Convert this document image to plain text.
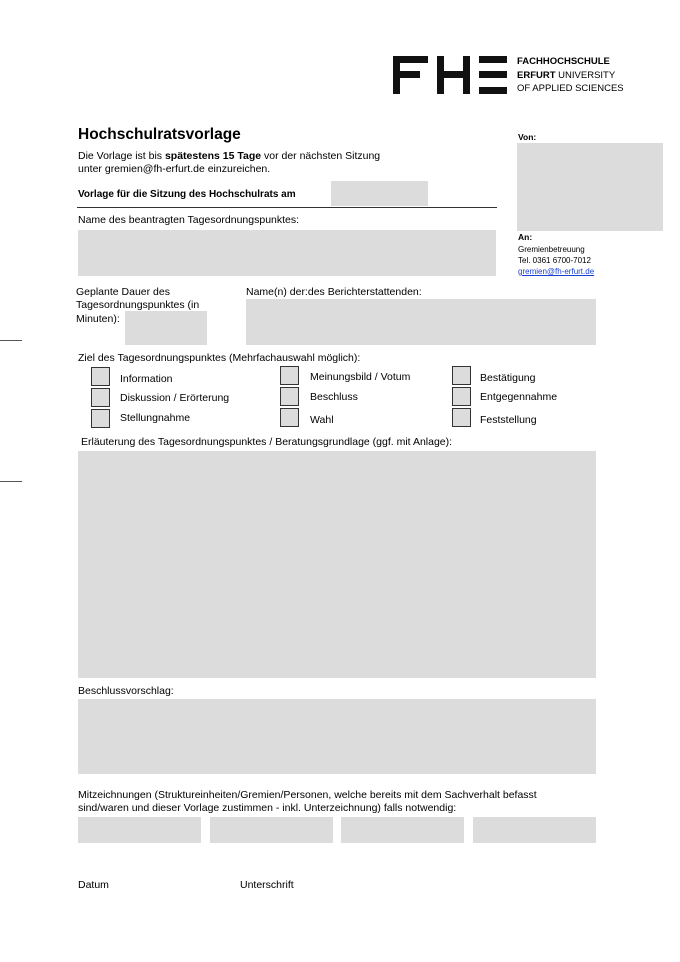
FACHHOCHSCHULE
ERFURT UNIVERSITY
OF APPLIED SCIENCES
Hochschulratsvorlage
Die Vorlage ist bis spätestens 15 Tage vor der nächsten Sitzung
unter gremien@fh-erfurt.de einzureichen.
Von:
An:
Gremienbetreuung
Tel. 0361 6700-7012
gremien@fh-erfurt.de
Vorlage für die Sitzung des Hochschulrats am
Name des beantragten Tagesordnungspunktes:
Geplante Dauer des
Tagesordnungspunktes (in
Minuten):
Name(n) der:des Berichterstattenden:
Ziel des Tagesordnungspunktes (Mehrfachauswahl möglich):
Information
Diskussion / Erörterung
Stellungnahme
Meinungsbild / Votum
Beschluss
Wahl
Bestätigung
Entgegennahme
Feststellung
Erläuterung des Tagesordnungspunktes / Beratungsgrundlage (ggf. mit Anlage):
Beschlussvorschlag:
Mitzeichnungen (Struktureinheiten/Gremien/Personen, welche bereits mit dem Sachverhalt befasst
sind/waren und dieser Vorlage zustimmen - inkl. Unterzeichnung) falls notwendig:
Datum	Unterschrift
